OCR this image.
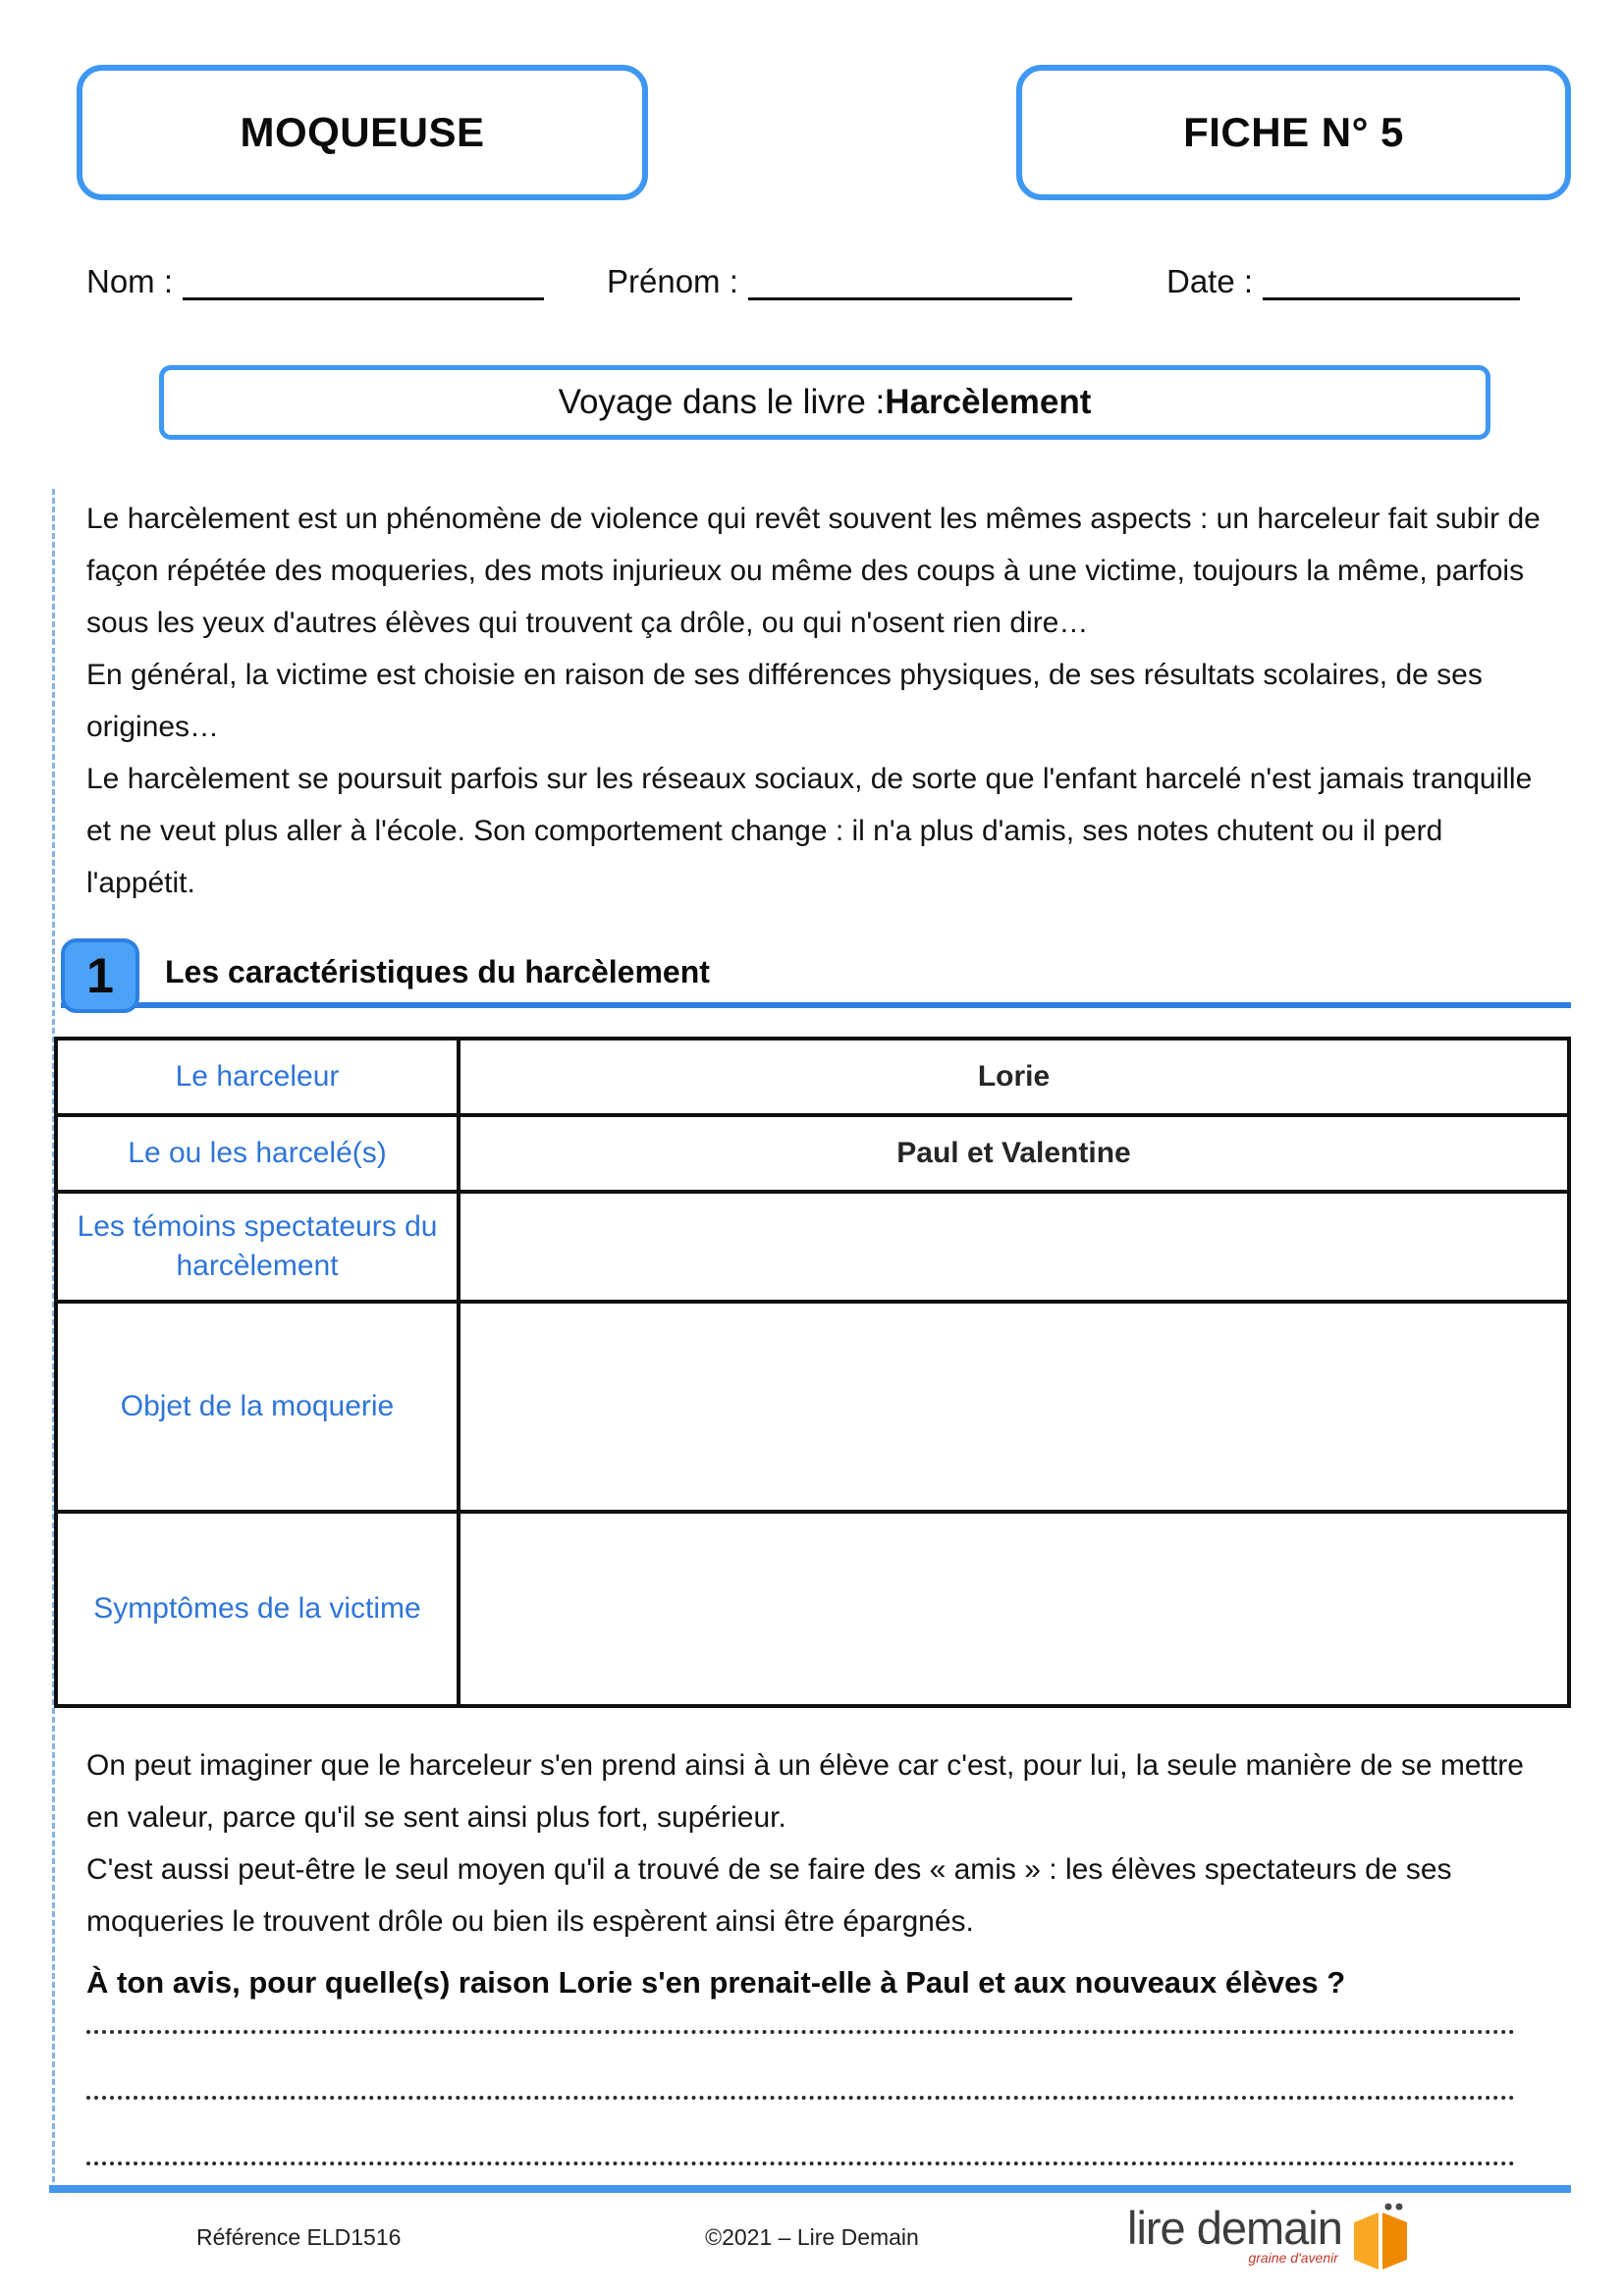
MOQUEUSE	FICHE N° 5
Nom :	Prénom :	Date :
Voyage dans le livre : Harcèlement

Le harcèlement est un phénomène de violence qui revêt souvent les mêmes aspects : un harceleur fait subir de façon répétée des moqueries, des mots injurieux ou même des coups à une victime, toujours la même, parfois sous les yeux d'autres élèves qui trouvent ça drôle, ou qui n'osent rien dire…

En général, la victime est choisie en raison de ses différences physiques, de ses résultats scolaires, de ses origines…

Le harcèlement se poursuit parfois sur les réseaux sociaux, de sorte que l'enfant harcelé n'est jamais tranquille et ne veut plus aller à l'école. Son comportement change : il n'a plus d'amis, ses notes chutent ou il perd l'appétit.

1 Les caractéristiques du harcèlement
Le harceleur	Lorie
Le ou les harcelé(s)	Paul et Valentine
Les témoins spectateurs du harcèlement	
Objet de la moquerie	
Symptômes de la victime	

On peut imaginer que le harceleur s'en prend ainsi à un élève car c'est, pour lui, la seule manière de se mettre en valeur, parce qu'il se sent ainsi plus fort, supérieur.

C'est aussi peut-être le seul moyen qu'il a trouvé de se faire des « amis » : les élèves spectateurs de ses moqueries le trouvent drôle ou bien ils espèrent ainsi être épargnés.

À ton avis, pour quelle(s) raison Lorie s'en prenait-elle à Paul et aux nouveaux élèves ?
Référence ELD1516	©2021 – Lire Demain	lire demain
graine d'avenir
